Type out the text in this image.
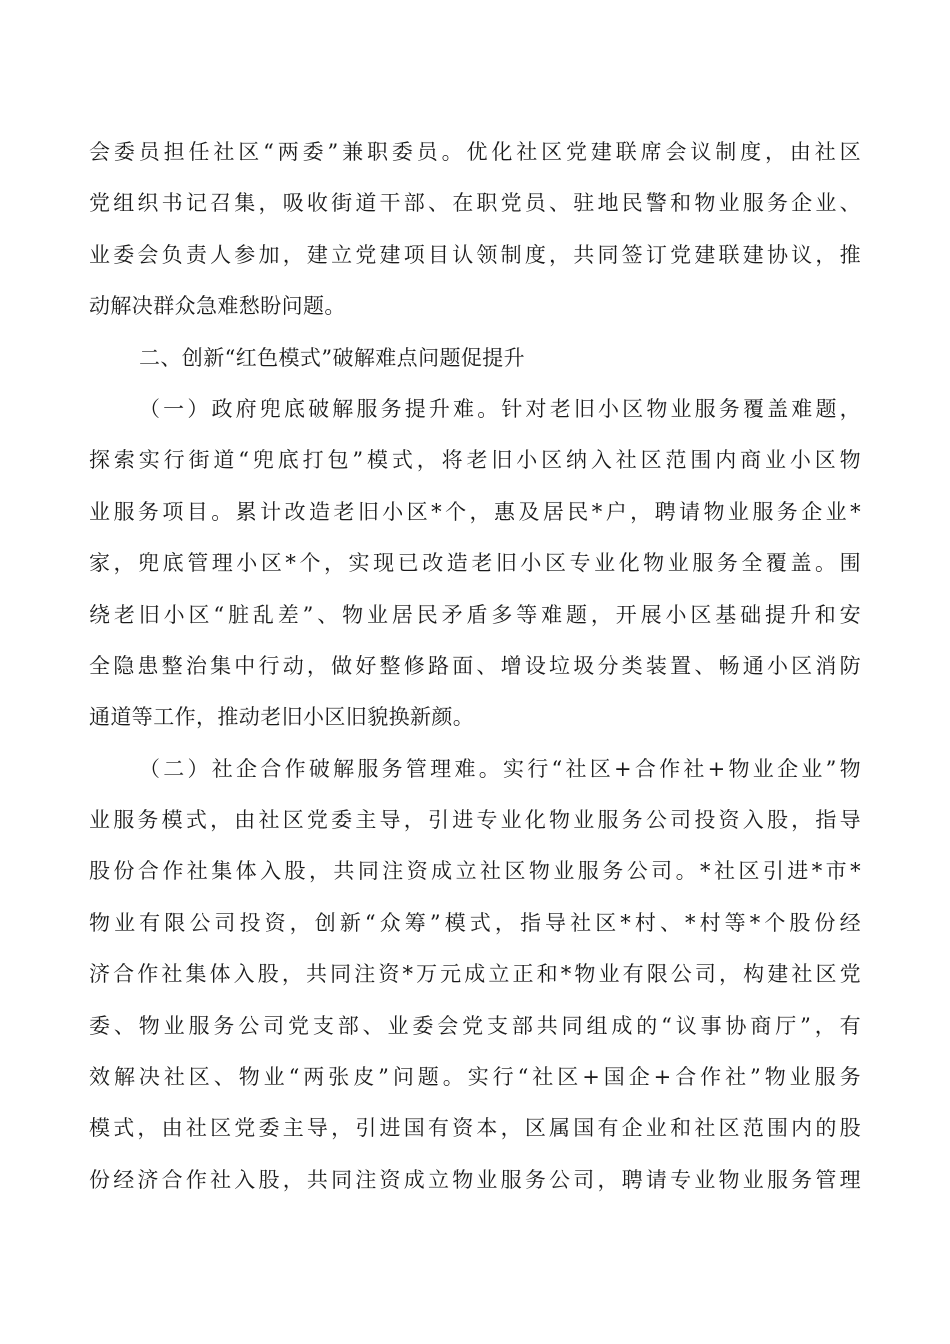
会委员担任社区“两委”兼职委员。优化社区党建联席会议制度，由社区
党组织书记召集，吸收街道干部、在职党员、驻地民警和物业服务企业、
业委会负责人参加，建立党建项目认领制度，共同签订党建联建协议，推
动解决群众急难愁盼问题。
二、创新“红色模式”破解难点问题促提升
（一）政府兜底破解服务提升难。针对老旧小区物业服务覆盖难题，
探索实行街道“兜底打包”模式，将老旧小区纳入社区范围内商业小区物
业服务项目。累计改造老旧小区*个，惠及居民*户，聘请物业服务企业*
家，兜底管理小区*个，实现已改造老旧小区专业化物业服务全覆盖。围
绕老旧小区“脏乱差”、物业居民矛盾多等难题，开展小区基础提升和安
全隐患整治集中行动，做好整修路面、增设垃圾分类装置、畅通小区消防
通道等工作，推动老旧小区旧貌换新颜。
（二）社企合作破解服务管理难。实行“社区+合作社+物业企业”物
业服务模式，由社区党委主导，引进专业化物业服务公司投资入股，指导
股份合作社集体入股，共同注资成立社区物业服务公司。*社区引进*市*
物业有限公司投资，创新“众筹”模式，指导社区*村、*村等*个股份经
济合作社集体入股，共同注资*万元成立正和*物业有限公司，构建社区党
委、物业服务公司党支部、业委会党支部共同组成的“议事协商厅”，有
效解决社区、物业“两张皮”问题。实行“社区+国企+合作社”物业服务
模式，由社区党委主导，引进国有资本，区属国有企业和社区范围内的股
份经济合作社入股，共同注资成立物业服务公司，聘请专业物业服务管理
